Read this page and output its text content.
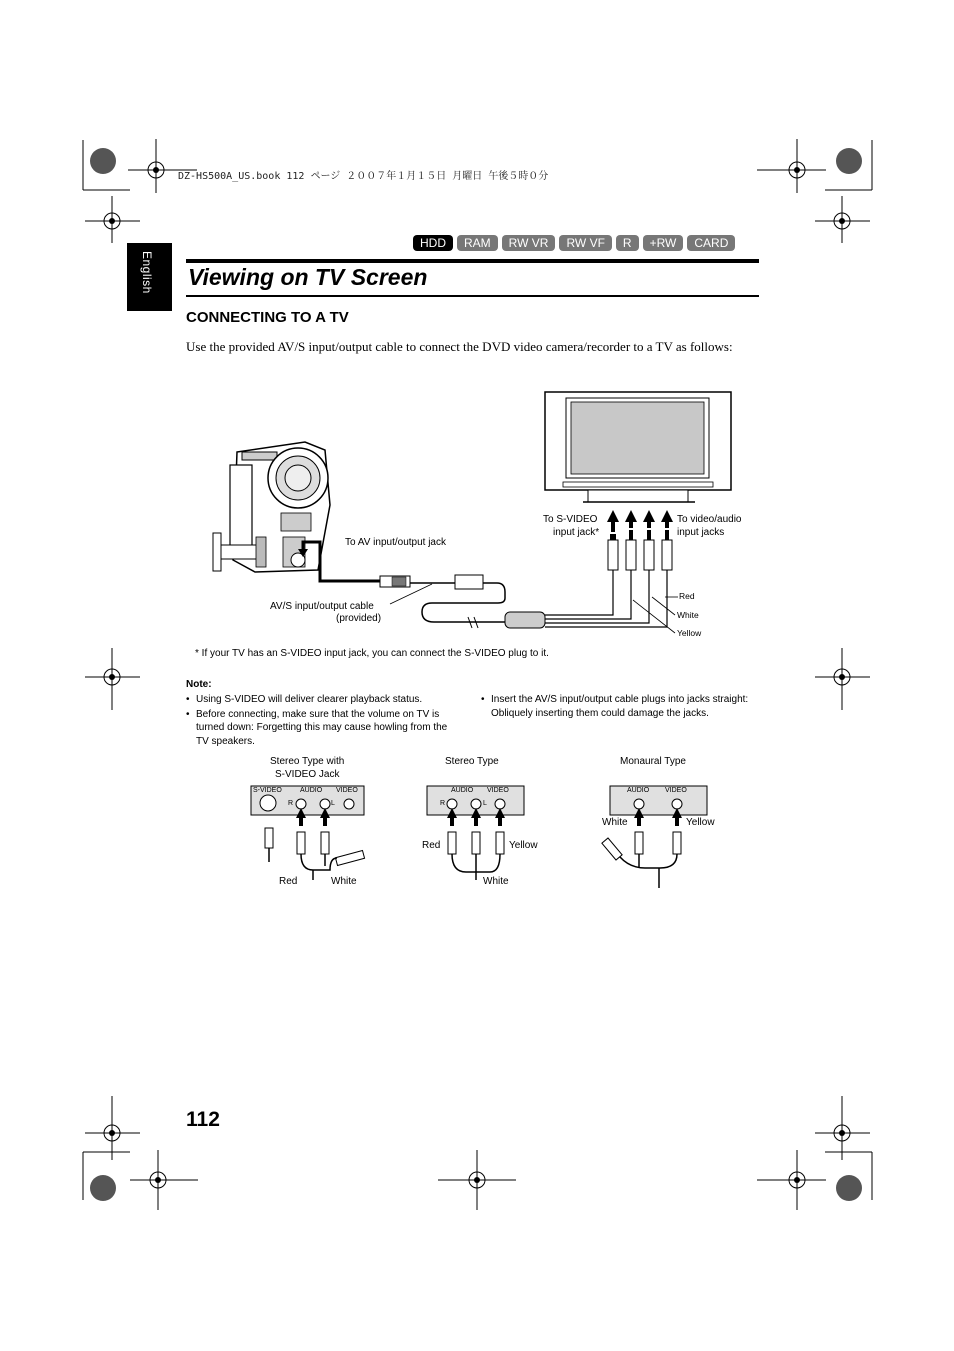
DZ-HS500A_US.book 112 ページ ２００７年１月１５日 月曜日 午後５時０分
English
HDD	RAM	RW VR	RW VF	R	+RW	CARD
Viewing on TV Screen
CONNECTING TO A TV
Use the provided AV/S input/output cable to connect the DVD video camera/recorder to a TV as follows:
To AV input/output jack
AV/S input/output cable
(provided)
To S-VIDEO
input jack*
To video/audio
input jacks
Red
White
Yellow
* If your TV has an S-VIDEO input jack, you can connect the S-VIDEO plug to it.
Note:
• Using S-VIDEO will deliver clearer playback status.
• Before connecting, make sure that the volume on TV is turned down: Forgetting this may cause howling from the TV speakers.
• Insert the AV/S input/output cable plugs into jacks straight: Obliquely inserting them could damage the jacks.
Stereo Type with
S-VIDEO Jack
Stereo Type	Monaural Type
S-VIDEO	AUDIO VIDEO
R	L
AUDIO VIDEO
R	L
AUDIO VIDEO
Red	White
Red	Yellow
White
White	Yellow
112
